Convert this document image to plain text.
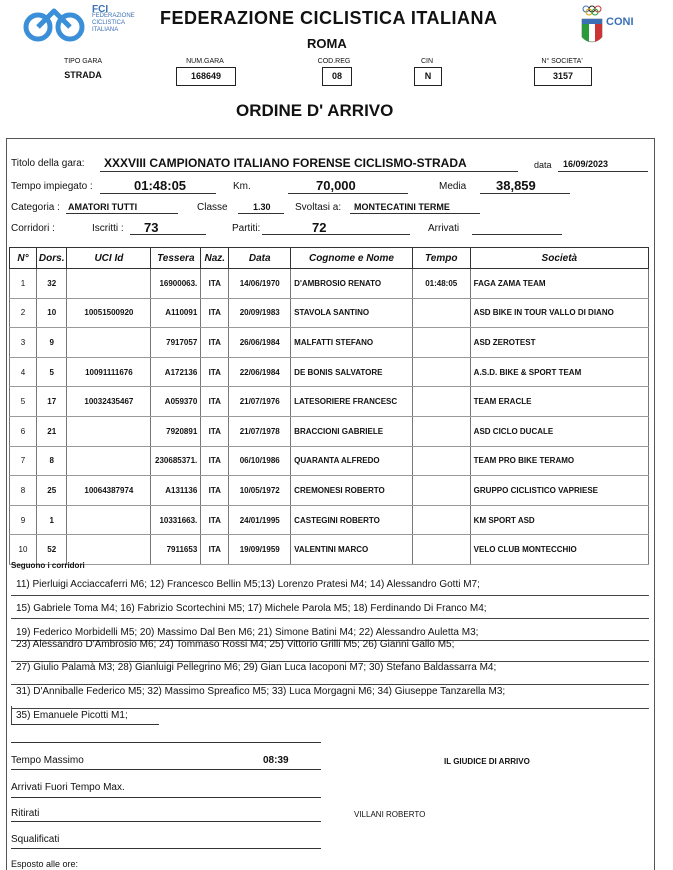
FCI
FEDERAZIONE
CICLISTICA
ITALIANA
FEDERAZIONE CICLISTICA ITALIANA
ROMA
CONI
TIPO GARA
STRADA
NUM.GARA
168649
COD.REG
08
CIN
N
N° SOCIETA'
3157
ORDINE D' ARRIVO
Titolo della gara: XXXVIII CAMPIONATO ITALIANO FORENSE CICLISMO-STRADA	data 16/09/2023
Tempo impiegato :	01:48:05	Km.	70,000	Media 38,859
Categoria : AMATORI TUTTI	Classe	1.30 Svoltasi a: MONTECATINI TERME
Corridori :	Iscritti : 73	Partiti:	72	Arrivati
N°	Dors.	UCI Id	Tessera	Naz.	Data	Cognome e Nome	Tempo	Società
1	32		16900063.	ITA	14/06/1970	D'AMBROSIO RENATO	01:48:05	FAGA ZAMA TEAM
2	10	10051500920	A110091	ITA	20/09/1983	STAVOLA SANTINO		ASD BIKE IN TOUR VALLO DI DIANO
3	9		7917057	ITA	26/06/1984	MALFATTI STEFANO		ASD ZEROTEST
4	5	10091111676	A172136	ITA	22/06/1984	DE BONIS SALVATORE		A.S.D. BIKE & SPORT TEAM
5	17	10032435467	A059370	ITA	21/07/1976	LATESORIERE FRANCESC		TEAM ERACLE
6	21		7920891	ITA	21/07/1978	BRACCIONI GABRIELE		ASD CICLO DUCALE
7	8		230685371.	ITA	06/10/1986	QUARANTA ALFREDO		TEAM PRO BIKE TERAMO
8	25	10064387974	A131136	ITA	10/05/1972	CREMONESI ROBERTO		GRUPPO CICLISTICO VAPRIESE
9	1		10331663.	ITA	24/01/1995	CASTEGINI ROBERTO		KM SPORT ASD
10	52		7911653	ITA	19/09/1959	VALENTINI MARCO		VELO CLUB MONTECCHIO
Seguono i corridori
11) Pierluigi Acciaccaferri M6; 12) Francesco Bellin M5;13) Lorenzo Pratesi M4; 14) Alessandro Gotti M7;
15) Gabriele Toma M4; 16) Fabrizio Scortechini M5; 17) Michele Parola M5; 18) Ferdinando Di Franco M4;
19) Federico Morbidelli M5; 20) Massimo Dal Ben M6; 21) Simone Batini M4; 22) Alessandro Auletta M3;
23) Alessandro D'Ambrosio M6; 24) Tommaso Rossi M4; 25) Vittorio Grilli M5; 26) Gianni Gallo M5;
27) Giulio Palamà M3; 28) Gianluigi Pellegrino M6; 29) Gian Luca Iacoponi M7; 30) Stefano Baldassarra M4;
31) D'Anniballe Federico M5; 32) Massimo Spreafico M5; 33) Luca Morgagni M6; 34) Giuseppe Tanzarella M3;
35) Emanuele Picotti M1;
Tempo Massimo	08:39	IL GIUDICE DI ARRIVO
Arrivati Fuori Tempo Max.
Ritirati	VILLANI ROBERTO
Squalificati
Esposto alle ore:
